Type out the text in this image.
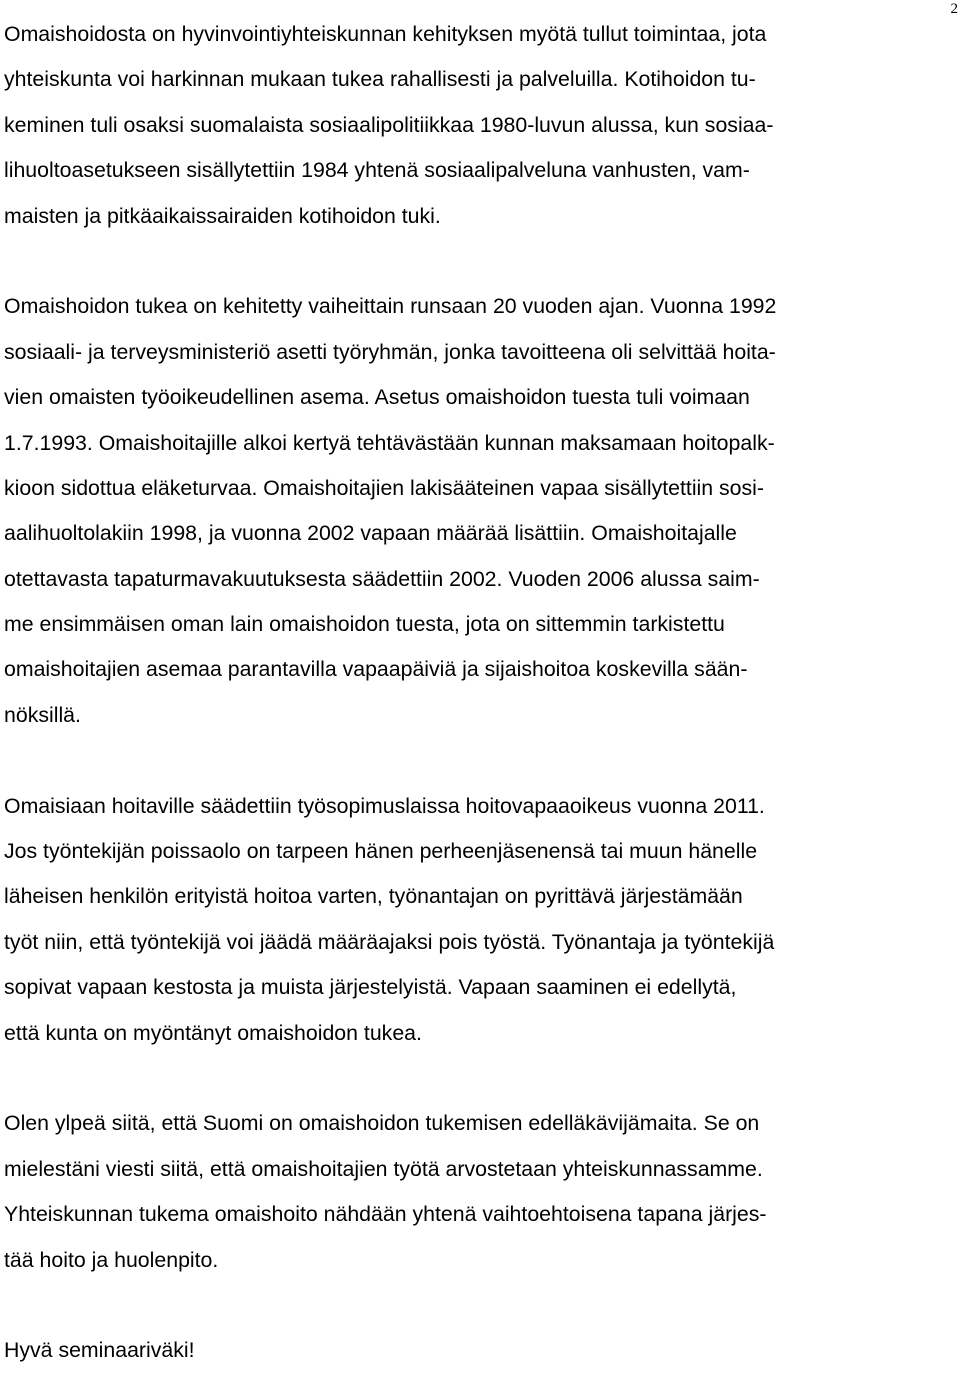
2
Omaishoidosta on hyvinvointiyhteiskunnan kehityksen myötä tullut toimintaa, jota
yhteiskunta voi harkinnan mukaan tukea rahallisesti ja palveluilla. Kotihoidon tu-
keminen tuli osaksi suomalaista sosiaalipolitiikkaa 1980-luvun alussa, kun sosiaa-
lihuoltoasetukseen sisällytettiin 1984 yhtenä sosiaalipalveluna vanhusten, vam-
maisten ja pitkäaikaissairaiden kotihoidon tuki.
Omaishoidon tukea on kehitetty vaiheittain runsaan 20 vuoden ajan. Vuonna 1992
sosiaali- ja terveysministeriö asetti työryhmän, jonka tavoitteena oli selvittää hoita-
vien omaisten työoikeudellinen asema. Asetus omaishoidon tuesta tuli voimaan
1.7.1993. Omaishoitajille alkoi kertyä tehtävästään kunnan maksamaan hoitopalk-
kioon sidottua eläketurvaa. Omaishoitajien lakisääteinen vapaa sisällytettiin sosi-
aalihuoltolakiin 1998, ja vuonna 2002 vapaan määrää lisättiin. Omaishoitajalle
otettavasta tapaturmavakuutuksesta säädettiin 2002. Vuoden 2006 alussa saim-
me ensimmäisen oman lain omaishoidon tuesta, jota on sittemmin tarkistettu
omaishoitajien asemaa parantavilla vapaapäiviä ja sijaishoitoa koskevilla sään-
nöksillä.
Omaisiaan hoitaville säädettiin työsopimuslaissa hoitovapaaoikeus vuonna 2011.
Jos työntekijän poissaolo on tarpeen hänen perheenjäsenensä tai muun hänelle
läheisen henkilön erityistä hoitoa varten, työnantajan on pyrittävä järjestämään
työt niin, että työntekijä voi jäädä määräajaksi pois työstä. Työnantaja ja työntekijä
sopivat vapaan kestosta ja muista järjestelyistä. Vapaan saaminen ei edellytä,
että kunta on myöntänyt omaishoidon tukea.
Olen ylpeä siitä, että Suomi on omaishoidon tukemisen edelläkävijämaita. Se on
mielestäni viesti siitä, että omaishoitajien työtä arvostetaan yhteiskunnassamme.
Yhteiskunnan tukema omaishoito nähdään yhtenä vaihtoehtoisena tapana järjes-
tää hoito ja huolenpito.
Hyvä seminaariväki!
